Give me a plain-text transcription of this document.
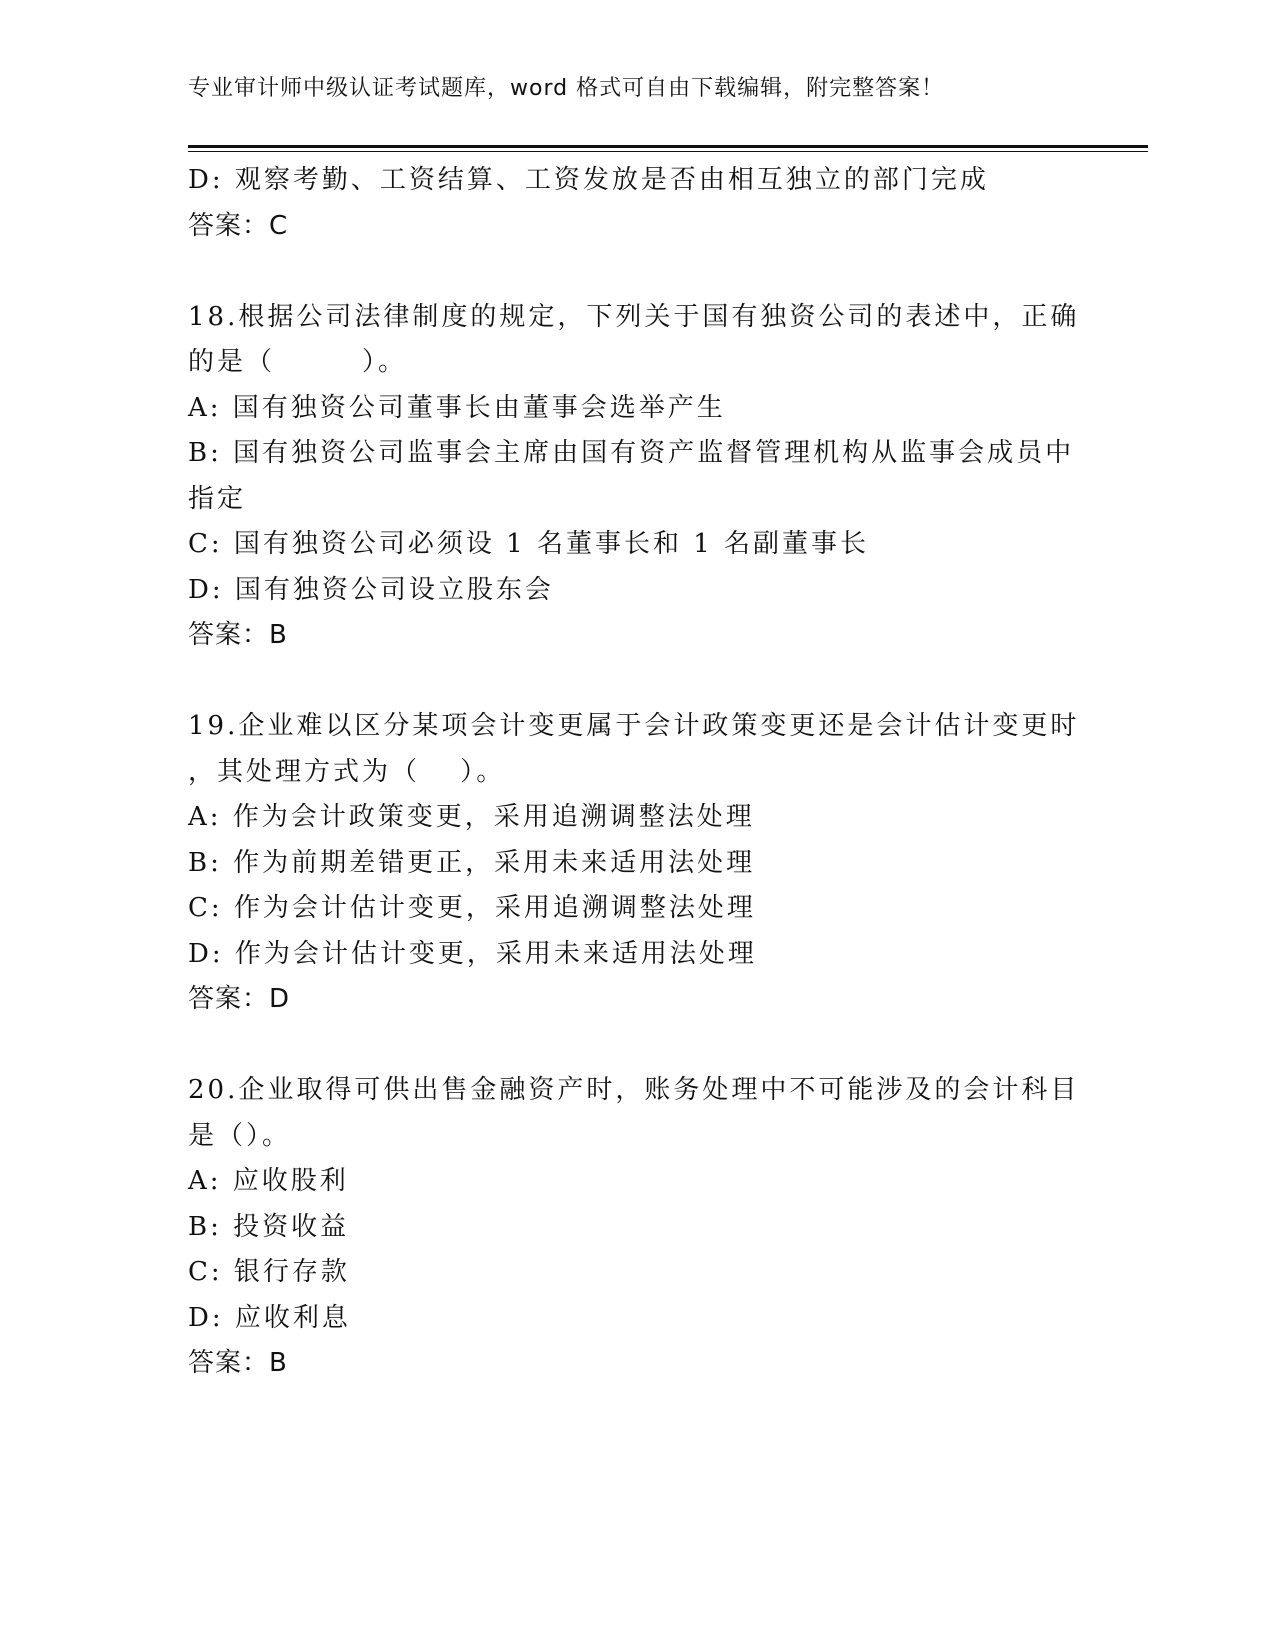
专业审计师中级认证考试题库，word 格式可自由下载编辑，附完整答案！
D: 观察考勤、工资结算、工资发放是否由相互独立的部门完成
答案：C
18.根据公司法律制度的规定，下列关于国有独资公司的表述中，正确
的是（　　　）。
A: 国有独资公司董事长由董事会选举产生
B: 国有独资公司监事会主席由国有资产监督管理机构从监事会成员中
指定
C: 国有独资公司必须设 1 名董事长和 1 名副董事长
D: 国有独资公司设立股东会
答案：B
19.企业难以区分某项会计变更属于会计政策变更还是会计估计变更时
，其处理方式为（　 ）。
A: 作为会计政策变更，采用追溯调整法处理
B: 作为前期差错更正，采用未来适用法处理
C: 作为会计估计变更，采用追溯调整法处理
D: 作为会计估计变更，采用未来适用法处理
答案：D
20.企业取得可供出售金融资产时，账务处理中不可能涉及的会计科目
是（）。
A: 应收股利
B: 投资收益
C: 银行存款
D: 应收利息
答案：B
